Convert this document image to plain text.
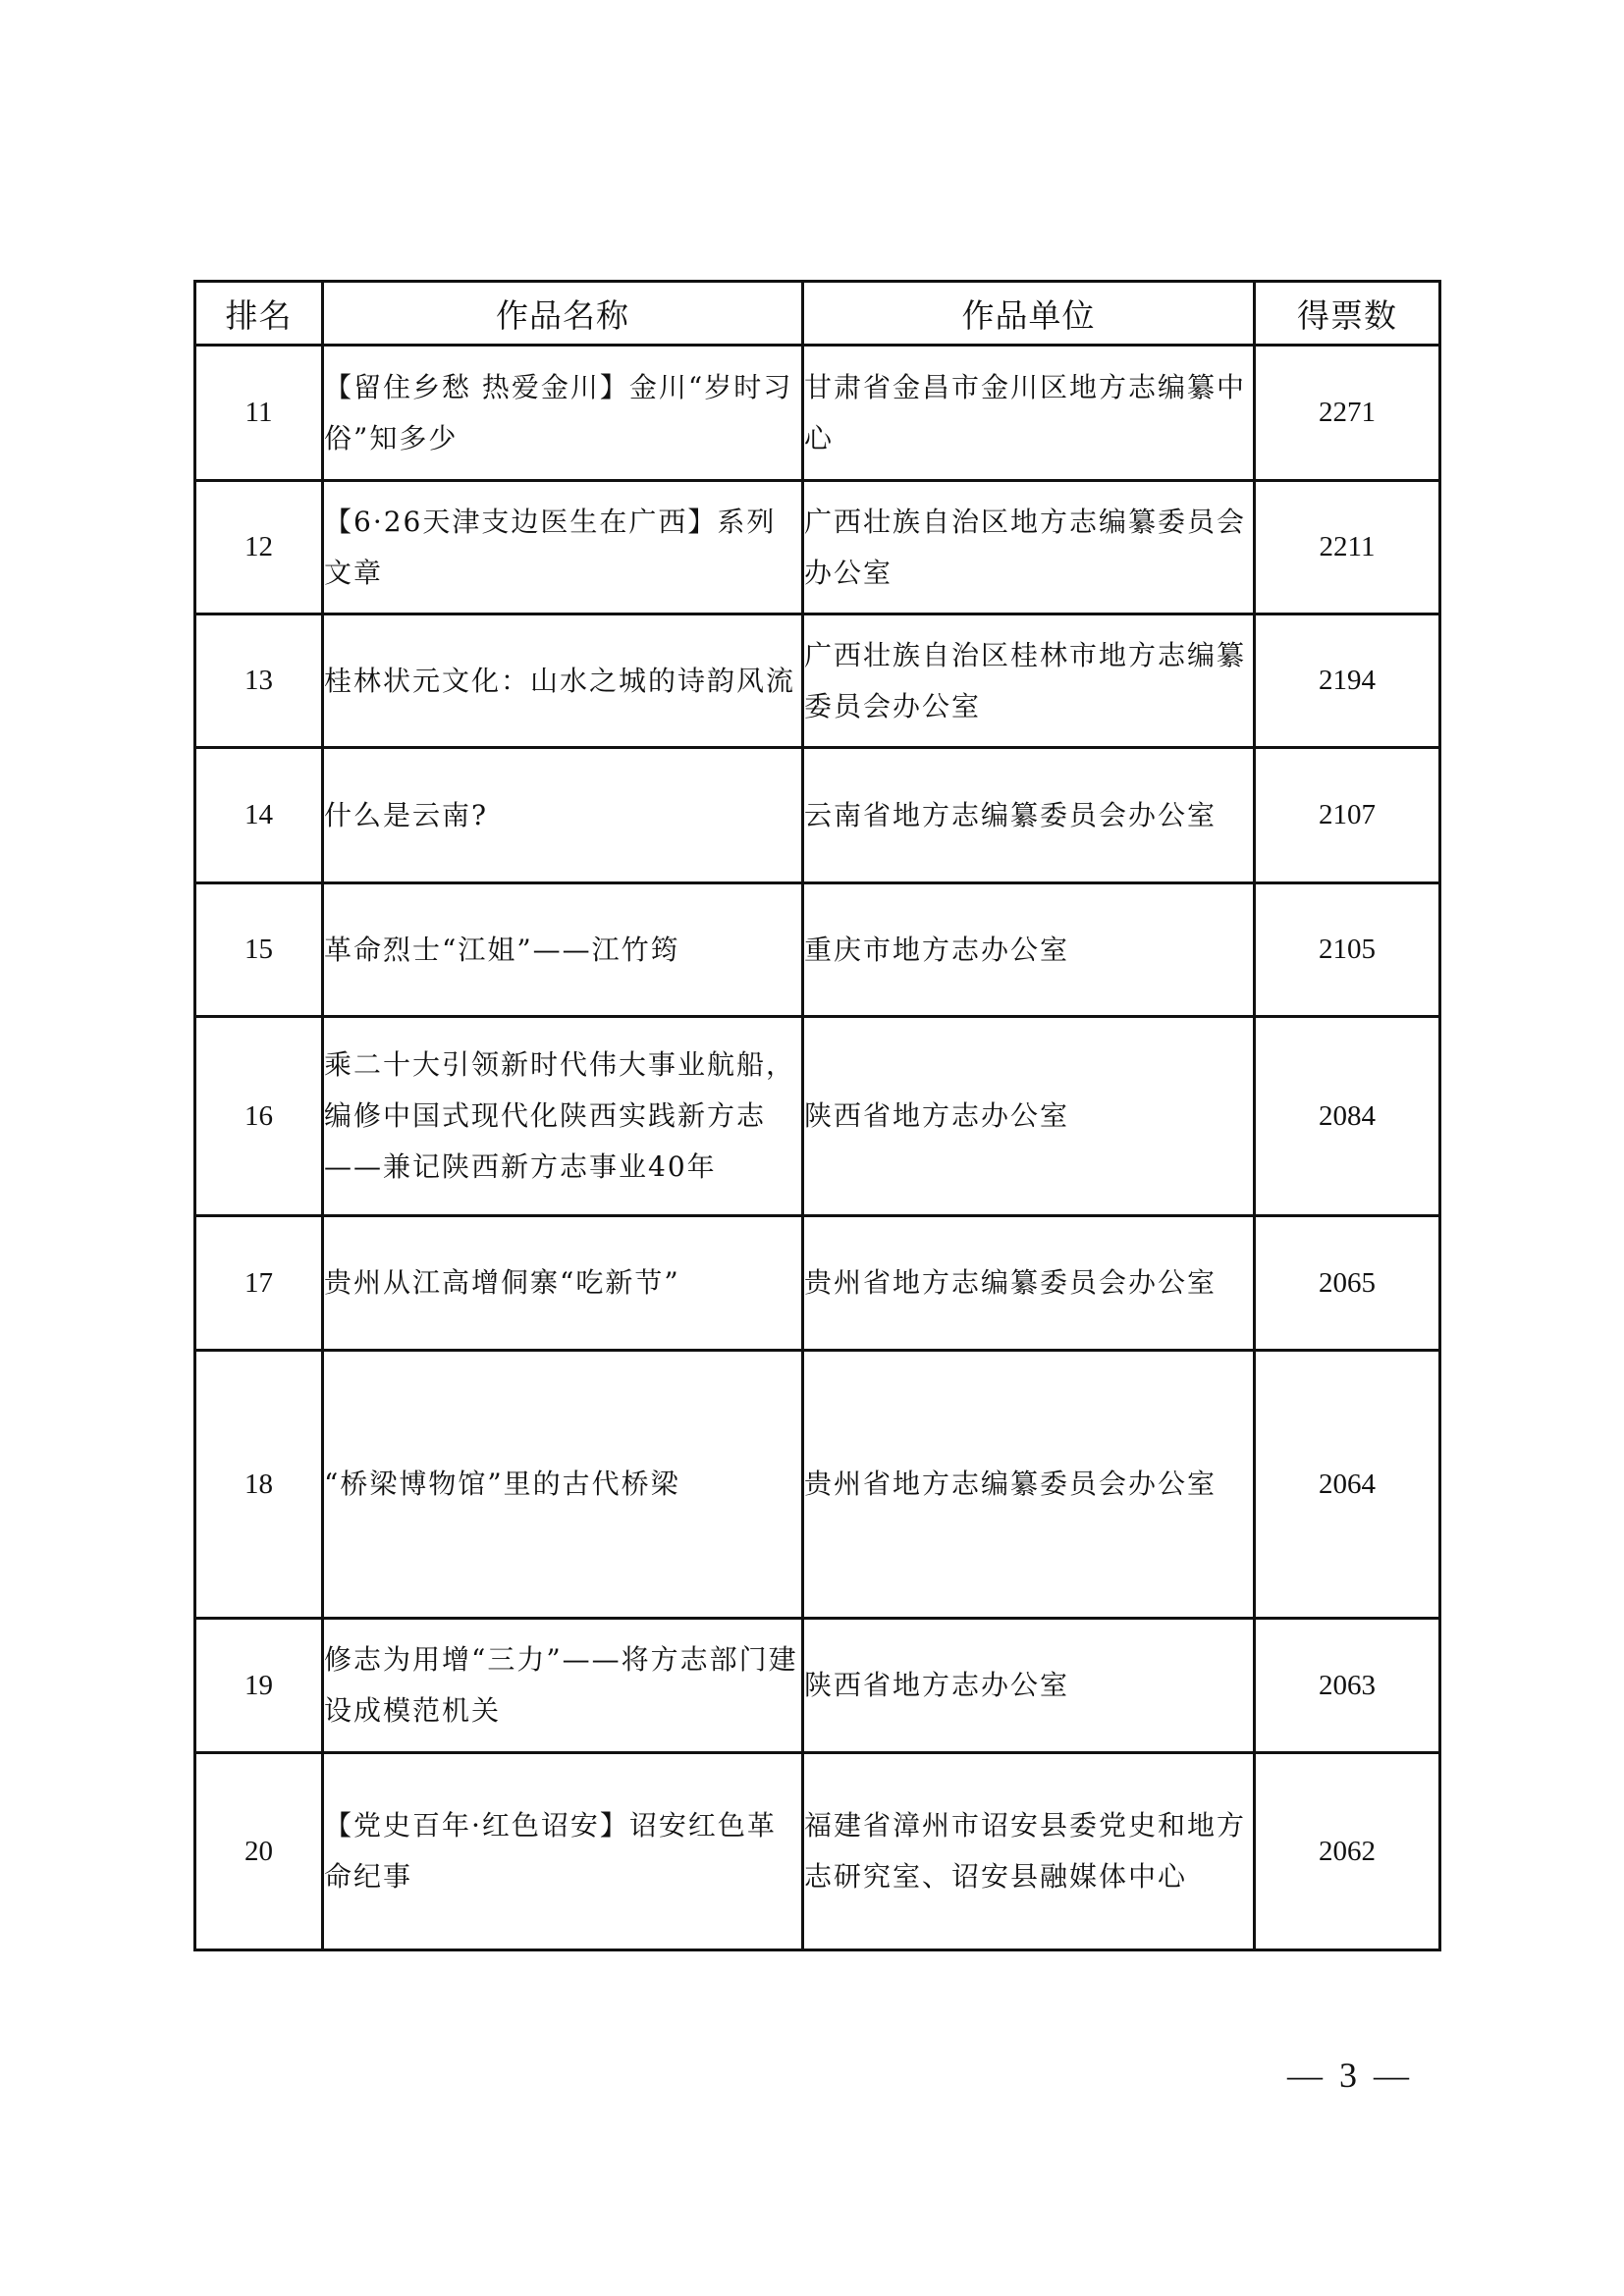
排名	作品名称	作品单位	得票数
11	【留住乡愁 热爱金川】金川“岁时习俗”知多少	甘肃省金昌市金川区地方志编纂中心	2271
12	【6·26天津支边医生在广西】系列文章	广西壮族自治区地方志编纂委员会办公室	2211
13	桂林状元文化：山水之城的诗韵风流	广西壮族自治区桂林市地方志编纂委员会办公室	2194
14	什么是云南?	云南省地方志编纂委员会办公室	2107
15	革命烈士“江姐”——江竹筠	重庆市地方志办公室	2105
16	乘二十大引领新时代伟大事业航船，编修中国式现代化陕西实践新方志——兼记陕西新方志事业40年	陕西省地方志办公室	2084
17	贵州从江高增侗寨“吃新节”	贵州省地方志编纂委员会办公室	2065
18	“桥梁博物馆”里的古代桥梁	贵州省地方志编纂委员会办公室	2064
19	修志为用增“三力”——将方志部门建设成模范机关	陕西省地方志办公室	2063
20	【党史百年·红色诏安】诏安红色革命纪事	福建省漳州市诏安县委党史和地方志研究室、诏安县融媒体中心	2062
— 3 —
